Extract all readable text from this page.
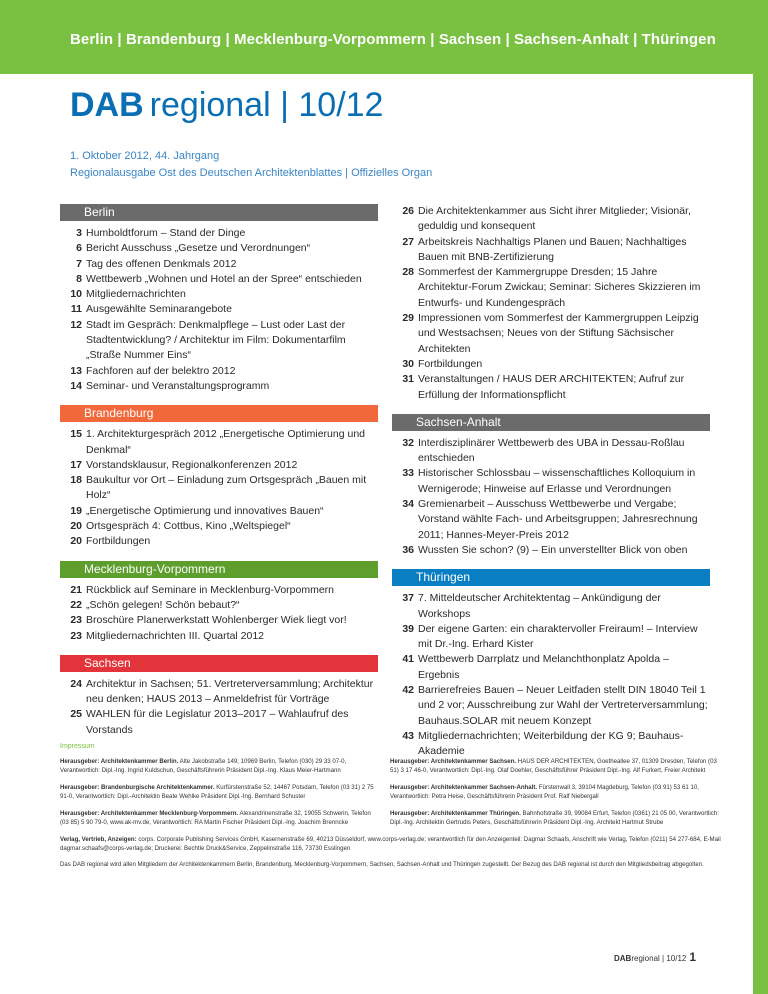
Berlin | Brandenburg | Mecklenburg-Vorpommern | Sachsen | Sachsen-Anhalt | Thüringen
DAB regional | 10/12
1. Oktober 2012, 44. Jahrgang
Regionalausgabe Ost des Deutschen Architektenblattes | Offizielles Organ
Berlin
3 Humboldtforum – Stand der Dinge
6 Bericht Ausschuss „Gesetze und Verordnungen“
7 Tag des offenen Denkmals 2012
8 Wettbewerb „Wohnen und Hotel an der Spree“ entschieden
10 Mitgliedernachrichten
11 Ausgewählte Seminarangebote
12 Stadt im Gespräch: Denkmalpflege – Lust oder Last der Stadtentwicklung? / Architektur im Film: Dokumentarfilm „Straße Nummer Eins“
13 Fachforen auf der belektro 2012
14 Seminar- und Veranstaltungsprogramm
Brandenburg
15 1. Architekturgespräch 2012 „Energetische Optimierung und Denkmal“
17 Vorstandsklausur, Regionalkonferenzen 2012
18 Baukultur vor Ort – Einladung zum Ortsgespräch „Bauen mit Holz“
19 „Energetische Optimierung und innovatives Bauen“
20 Ortsgespräch 4: Cottbus, Kino „Weltspiegel“
20 Fortbildungen
Mecklenburg-Vorpommern
21 Rückblick auf Seminare in Mecklenburg-Vorpommern
22 „Schön gelegen! Schön bebaut?“
23 Broschüre Planerwerkstatt Wohlenberger Wiek liegt vor!
23 Mitgliedernachrichten III. Quartal 2012
Sachsen
24 Architektur in Sachsen; 51. Vertreterversammlung; Architektur neu denken; HAUS 2013 – Anmeldefrist für Vorträge
25 WAHLEN für die Legislatur 2013–2017 – Wahlaufruf des Vorstands
26 Die Architektenkammer aus Sicht ihrer Mitglieder; Visionär, geduldig und konsequent
27 Arbeitskreis Nachhaltigs Planen und Bauen; Nachhaltiges Bauen mit BNB-Zertifizierung
28 Sommerfest der Kammergruppe Dresden; 15 Jahre Architektur-Forum Zwickau; Seminar: Sicheres Skizzieren im Entwurfs- und Kundengespräch
29 Impressionen vom Sommerfest der Kammergruppen Leipzig und Westsachsen; Neues von der Stiftung Sächsischer Architekten
30 Fortbildungen
31 Veranstaltungen / HAUS DER ARCHITEKTEN; Aufruf zur Erfüllung der Informationspflicht
Sachsen-Anhalt
32 Interdisziplinärer Wettbewerb des UBA in Dessau-Roßlau entschieden
33 Historischer Schlossbau – wissenschaftliches Kolloquium in Wernigerode; Hinweise auf Erlasse und Verordnungen
34 Gremienarbeit – Ausschuss Wettbewerbe und Vergabe; Vorstand wählte Fach- und Arbeitsgruppen; Jahresrechnung 2011; Hannes-Meyer-Preis 2012
36 Wussten Sie schon? (9) – Ein unverstellter Blick von oben
Thüringen
37 7. Mitteldeutscher Architektentag – Ankündigung der Workshops
39 Der eigene Garten: ein charaktervoller Freiraum! – Interview mit Dr.-Ing. Erhard Kister
41 Wettbewerb Darrplatz und Melanchthonplatz Apolda – Ergebnis
42 Barrierefreies Bauen – Neuer Leitfaden stellt DIN 18040 Teil 1 und 2 vor; Ausschreibung zur Wahl der Vertreterversammlung; Bauhaus.SOLAR mit neuem Konzept
43 Mitgliedernachrichten; Weiterbildung der KG 9; Bauhaus-Akademie
Impressum
Herausgeber: Architektenkammer Berlin. Alte Jakobstraße 149, 10969 Berlin, Telefon (030) 29 33 07-0, Verantwortlich: Dipl.-Ing. Ingrid Kuldschun, Geschäftsführerin Präsident Dipl.-Ing. Klaus Meier-Hartmann
Herausgeber: Architektenkammer Sachsen. HAUS DER ARCHITEKTEN, Goetheallee 37, 01309 Dresden, Telefon (03 51) 3 17 46-0, Verantwortlich: Dipl.-Ing. Olaf Doehler, Geschäftsführer Präsident Dipl.-Ing. Alf Furkert, Freier Architekt
Herausgeber: Brandenburgische Architektenkammer. Kurfürstenstraße 52, 14467 Potsdam, Telefon (03 31) 2 75 91-0, Verantwortlich: Dipl.-Architektin Beate Wehlke Präsident Dipl.-Ing. Bernhard Schuster
Herausgeber: Architektenkammer Sachsen-Anhalt. Fürstenwall 3, 39104 Magdeburg, Telefon (03 91) 53 61 10, Verantwortlich: Petra Heise, Geschäftsführerin Präsident Prof. Ralf Niebergall
Herausgeber: Architektenkammer Mecklenburg-Vorpommern. Alexandrinenstraße 32, 19055 Schwerin, Telefon (03 85) 5 90 79-0, www.ak-mv.de, Verantwortlich: RA Martin Fischer Präsident Dipl.-Ing. Joachim Brenncke
Herausgeber: Architektenkammer Thüringen. Bahnhofstraße 39, 99084 Erfurt, Telefon (0361) 21 05 00, Verantwortlich: Dipl.-Ing. Architektin Gertrudis Peters, Geschäftsführerin Präsident Dipl.-Ing. Architekt Hartmut Strube
Verlag, Vertrieb, Anzeigen: corps. Corporate Publishing Services GmbH, Kasernenstraße 69, 40213 Düsseldorf, www.corps-verlag.de; verantwortlich für den Anzeigenteil: Dagmar Schaafs, Anschrift wie Verlag, Telefon (0211) 54 277-684, E-Mail dagmar.schaafs@corps-verlag.de; Druckerei: Bechtle Druck&Service, Zeppelinstraße 116, 73730 Esslingen
Das DAB regional wird allen Mitgliedern der Architektenkammern Berlin, Brandenburg, Mecklenburg-Vorpommern, Sachsen, Sachsen-Anhalt und Thüringen zugestellt. Der Bezug des DAB regional ist durch den Mitgliedsbeitrag abgegolten.
DABregional | 10/12 1
